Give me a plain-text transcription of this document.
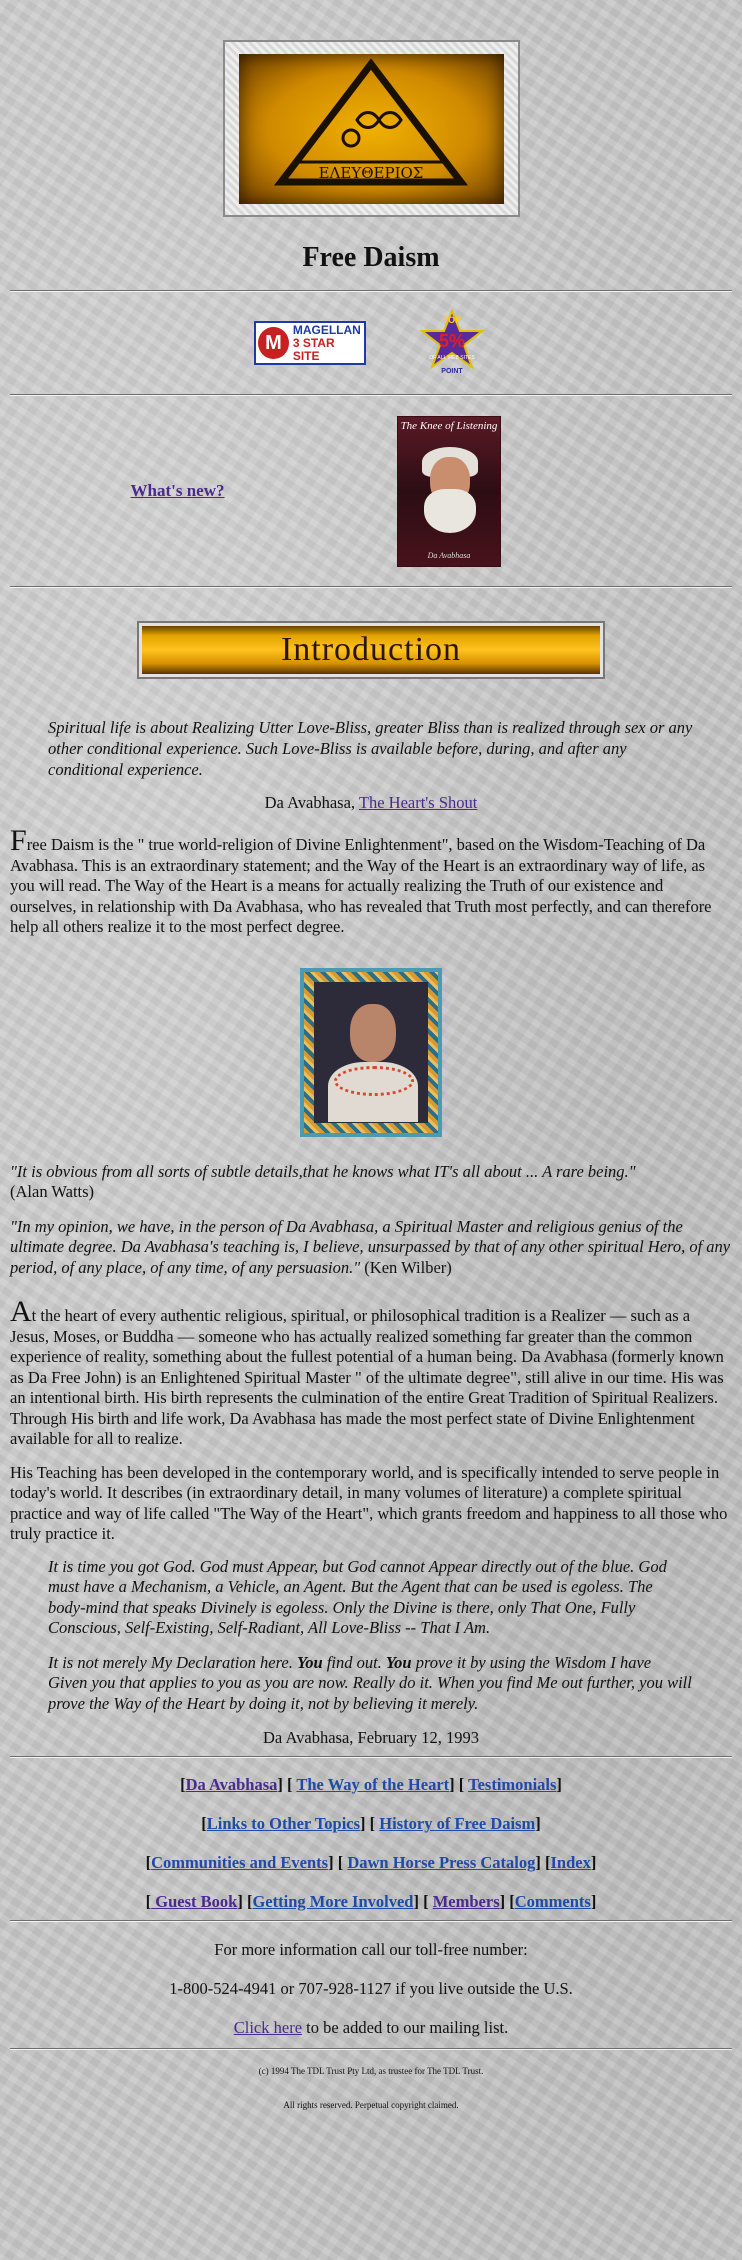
ΕΛΕΥΘΕΡΙΟΣ
Free Daism
M
MAGELLAN
3 STAR SITE
TOP
5%
OF ALL WEB SITES
POINT
What's new?
The Knee of Listening
Da Avabhasa
Introduction
Spiritual life is about Realizing Utter Love-Bliss, greater Bliss than is realized through sex or any other conditional experience. Such Love-Bliss is available before, during, and after any conditional experience.
Da Avabhasa, The Heart's Shout

Free Daism is the " true world-religion of Divine Enlightenment", based on the Wisdom-Teaching of Da Avabhasa. This is an extraordinary statement; and the Way of the Heart is an extraordinary way of life, as you will read. The Way of the Heart is a means for actually realizing the Truth of our existence and ourselves, in relationship with Da Avabhasa, who has revealed that Truth most perfectly, and can therefore help all others realize it to the most perfect degree.

"It is obvious from all sorts of subtle details,that he knows what IT's all about ... A rare being."
(Alan Watts)
"In my opinion, we have, in the person of Da Avabhasa, a Spiritual Master and religious genius of the ultimate degree. Da Avabhasa's teaching is, I believe, unsurpassed by that of any other spiritual Hero, of any period, of any place, of any time, of any persuasion." (Ken Wilber)

At the heart of every authentic religious, spiritual, or philosophical tradition is a Realizer — such as a Jesus, Moses, or Buddha — someone who has actually realized something far greater than the common experience of reality, something about the fullest potential of a human being. Da Avabhasa (formerly known as Da Free John) is an Enlightened Spiritual Master " of the ultimate degree", still alive in our time. His was an intentional birth. His birth represents the culmination of the entire Great Tradition of Spiritual Realizers. Through His birth and life work, Da Avabhasa has made the most perfect state of Divine Enlightenment available for all to realize.

His Teaching has been developed in the contemporary world, and is specifically intended to serve people in today's world. It describes (in extraordinary detail, in many volumes of literature) a complete spiritual practice and way of life called "The Way of the Heart", which grants freedom and happiness to all those who truly practice it.

It is time you got God. God must Appear, but God cannot Appear directly out of the blue. God must have a Mechanism, a Vehicle, an Agent. But the Agent that can be used is egoless. The body-mind that speaks Divinely is egoless. Only the Divine is there, only That One, Fully Conscious, Self-Existing, Self-Radiant, All Love-Bliss -- That I Am.
It is not merely My Declaration here. You find out. You prove it by using the Wisdom I have Given you that applies to you as you are now. Really do it. When you find Me out further, you will prove the Way of the Heart by doing it, not by believing it merely.
Da Avabhasa, February 12, 1993
[Da Avabhasa] [ The Way of the Heart] [ Testimonials]
[Links to Other Topics] [ History of Free Daism]
[Communities and Events] [ Dawn Horse Press Catalog] [Index]
[ Guest Book] [Getting More Involved] [ Members] [Comments]
For more information call our toll-free number:
1-800-524-4941 or 707-928-1127 if you live outside the U.S.
Click here to be added to our mailing list.
(c) 1994 The TDL Trust Pty Ltd, as trustee for The TDL Trust.
All rights reserved. Perpetual copyright claimed.
